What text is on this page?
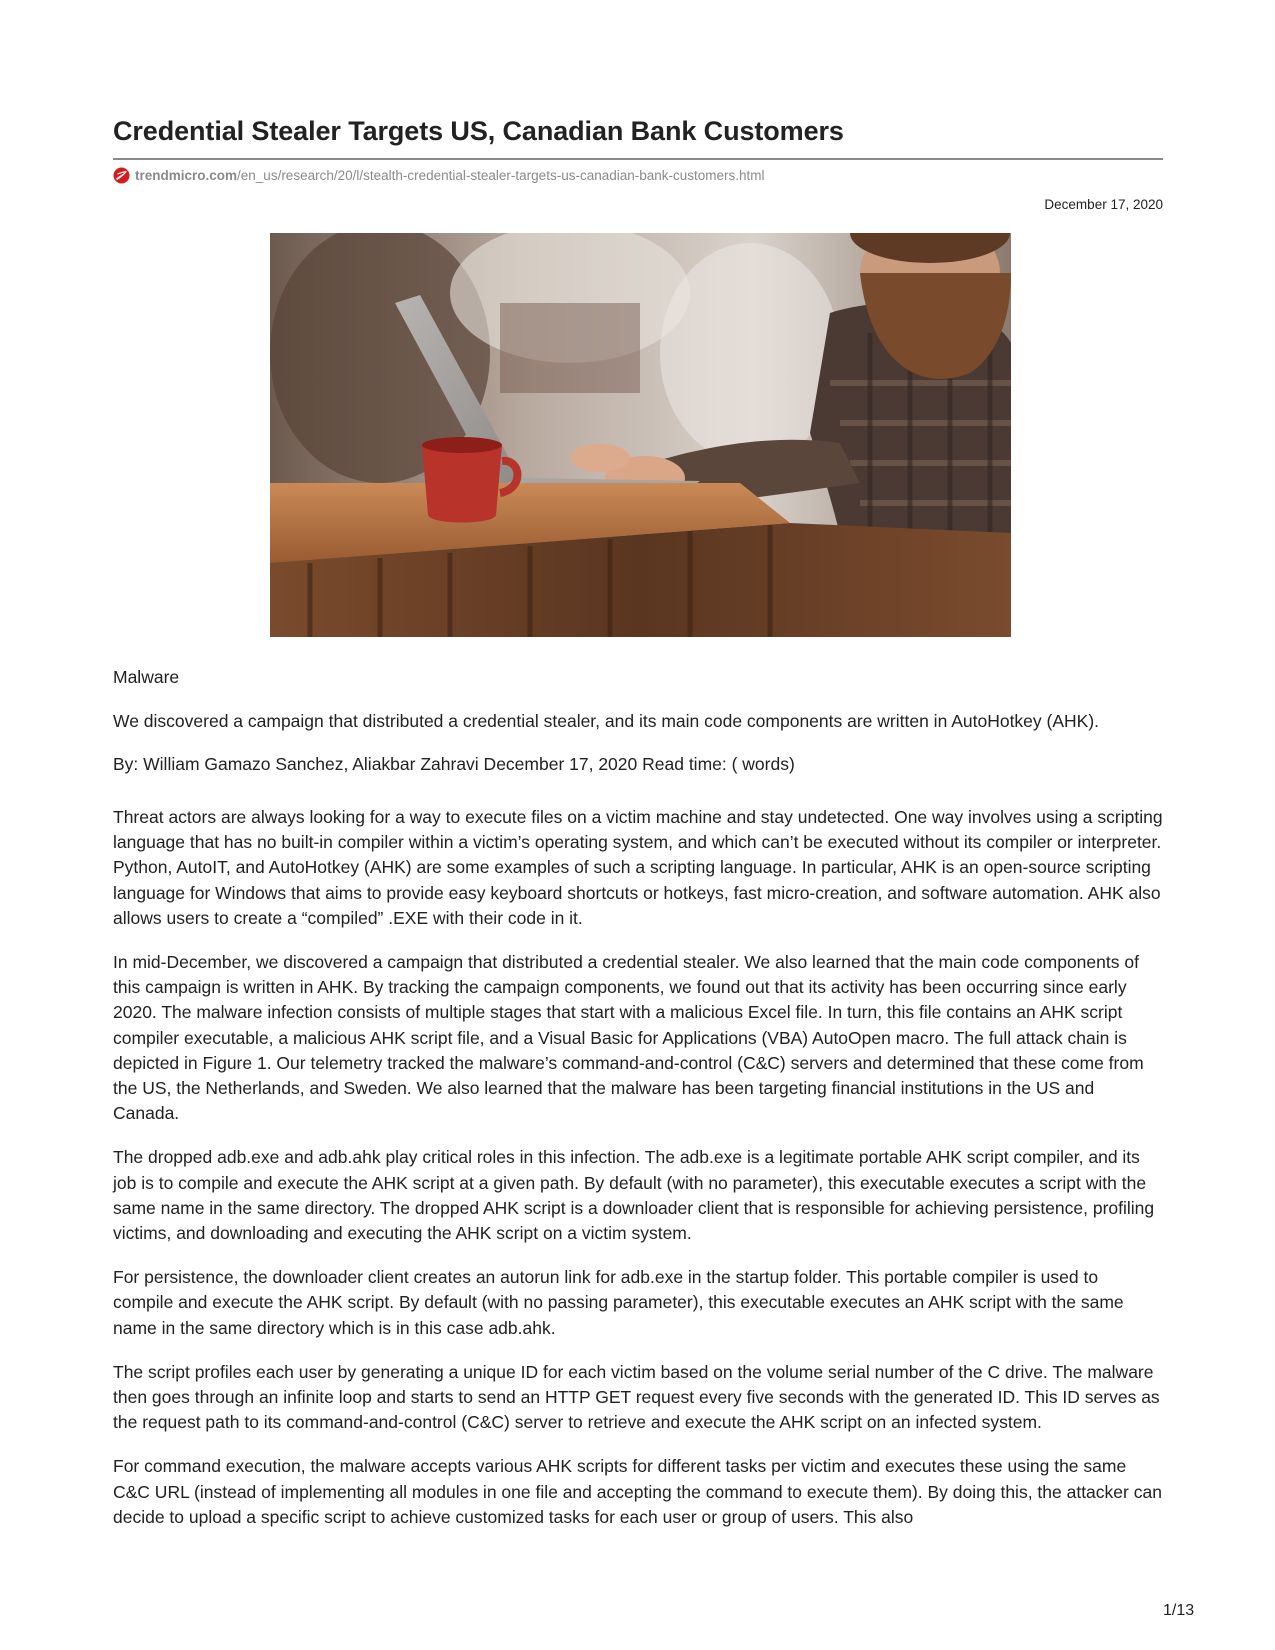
Credential Stealer Targets US, Canadian Bank Customers
trendmicro.com /en_us/research/20/l/stealth-credential-stealer-targets-us-canadian-bank-customers.html
December 17, 2020
Malware
We discovered a campaign that distributed a credential stealer, and its main code components are written in AutoHotkey (AHK).
By: William Gamazo Sanchez, Aliakbar Zahravi December 17, 2020 Read time: ( words)

Threat actors are always looking for a way to execute files on a victim machine and stay undetected. One way involves using a scripting language that has no built-in compiler within a victim’s operating system, and which can’t be executed without its compiler or interpreter. Python, AutoIT, and AutoHotkey (AHK) are some examples of such a scripting language. In particular, AHK is an open-source scripting language for Windows that aims to provide easy keyboard shortcuts or hotkeys, fast micro-creation, and software automation. AHK also allows users to create a “compiled” .EXE with their code in it.

In mid-December, we discovered a campaign that distributed a credential stealer. We also learned that the main code components of this campaign is written in AHK. By tracking the campaign components, we found out that its activity has been occurring since early 2020. The malware infection consists of multiple stages that start with a malicious Excel file. In turn, this file contains an AHK script compiler executable, a malicious AHK script file, and a Visual Basic for Applications (VBA) AutoOpen macro. The full attack chain is depicted in Figure 1. Our telemetry tracked the malware’s command-and-control (C&C) servers and determined that these come from the US, the Netherlands, and Sweden. We also learned that the malware has been targeting financial institutions in the US and Canada.

The dropped adb.exe and adb.ahk play critical roles in this infection. The adb.exe is a legitimate portable AHK script compiler, and its job is to compile and execute the AHK script at a given path. By default (with no parameter), this executable executes a script with the same name in the same directory. The dropped AHK script is a downloader client that is responsible for achieving persistence, profiling victims, and downloading and executing the AHK script on a victim system.

For persistence, the downloader client creates an autorun link for adb.exe in the startup folder. This portable compiler is used to compile and execute the AHK script. By default (with no passing parameter), this executable executes an AHK script with the same name in the same directory which is in this case adb.ahk.

The script profiles each user by generating a unique ID for each victim based on the volume serial number of the C drive. The malware then goes through an infinite loop and starts to send an HTTP GET request every five seconds with the generated ID. This ID serves as the request path to its command-and-control (C&C) server to retrieve and execute the AHK script on an infected system.

For command execution, the malware accepts various AHK scripts for different tasks per victim and executes these using the same C&C URL (instead of implementing all modules in one file and accepting the command to execute them). By doing this, the attacker can decide to upload a specific script to achieve customized tasks for each user or group of users. This also

1/13
